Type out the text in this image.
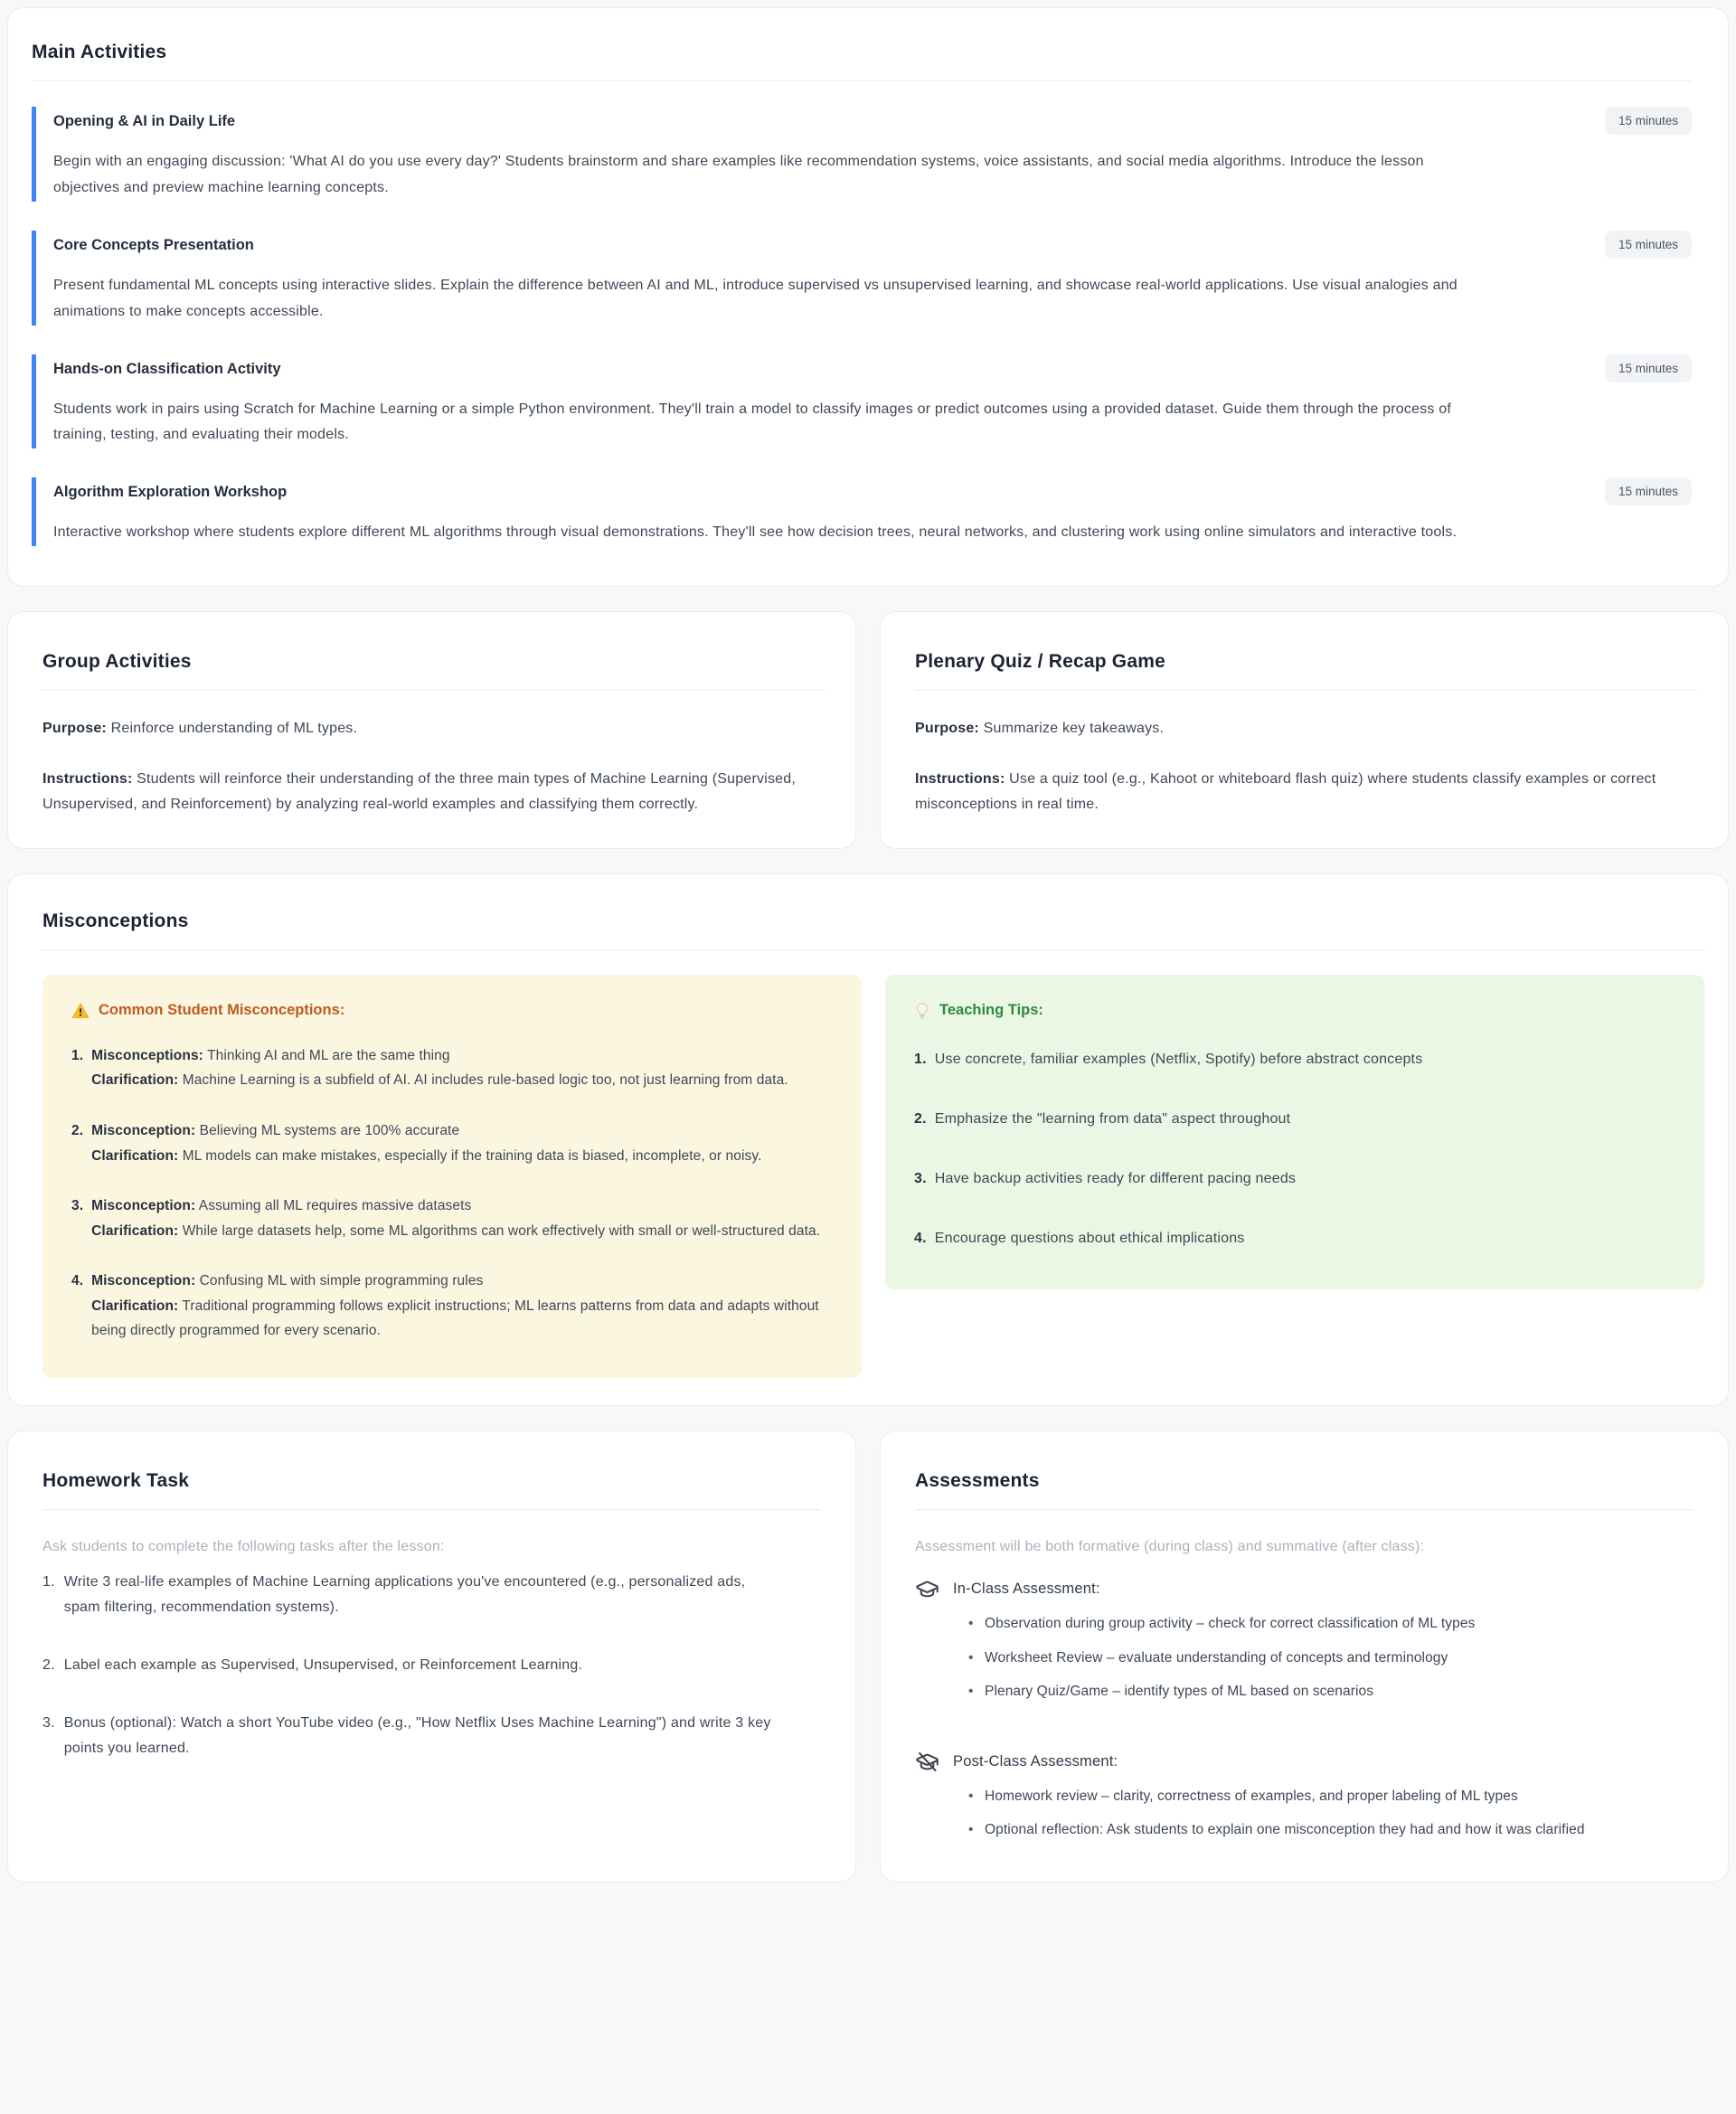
Main Activities
Opening & AI in Daily Life	15 minutes
Begin with an engaging discussion: 'What AI do you use every day?' Students brainstorm and share examples like recommendation systems, voice assistants, and social media algorithms. Introduce the lesson objectives and preview machine learning concepts.
Core Concepts Presentation	15 minutes
Present fundamental ML concepts using interactive slides. Explain the difference between AI and ML, introduce supervised vs unsupervised learning, and showcase real-world applications. Use visual analogies and animations to make concepts accessible.
Hands-on Classification Activity	15 minutes
Students work in pairs using Scratch for Machine Learning or a simple Python environment. They'll train a model to classify images or predict outcomes using a provided dataset. Guide them through the process of training, testing, and evaluating their models.
Algorithm Exploration Workshop	15 minutes
Interactive workshop where students explore different ML algorithms through visual demonstrations. They'll see how decision trees, neural networks, and clustering work using online simulators and interactive tools.
Group Activities

Purpose: Reinforce understanding of ML types.

Instructions: Students will reinforce their understanding of the three main types of Machine Learning (Supervised, Unsupervised, and Reinforcement) by analyzing real-world examples and classifying them correctly.

Plenary Quiz / Recap Game

Purpose: Summarize key takeaways.

Instructions: Use a quiz tool (e.g., Kahoot or whiteboard flash quiz) where students classify examples or correct misconceptions in real time.

Misconceptions
Common Student Misconceptions:
1. Misconceptions: Thinking AI and ML are the same thing
Clarification: Machine Learning is a subfield of AI. AI includes rule-based logic too, not just learning from data.
2. Misconception: Believing ML systems are 100% accurate
Clarification: ML models can make mistakes, especially if the training data is biased, incomplete, or noisy.
3. Misconception: Assuming all ML requires massive datasets
Clarification: While large datasets help, some ML algorithms can work effectively with small or well-structured data.
4. Misconception: Confusing ML with simple programming rules
Clarification: Traditional programming follows explicit instructions; ML learns patterns from data and adapts without being directly programmed for every scenario.
Teaching Tips:
1. Use concrete, familiar examples (Netflix, Spotify) before abstract concepts
2. Emphasize the "learning from data" aspect throughout
3. Have backup activities ready for different pacing needs
4. Encourage questions about ethical implications
Homework Task
Ask students to complete the following tasks after the lesson:
1. Write 3 real-life examples of Machine Learning applications you've encountered (e.g., personalized ads, spam filtering, recommendation systems).
2. Label each example as Supervised, Unsupervised, or Reinforcement Learning.
3. Bonus (optional): Watch a short YouTube video (e.g., "How Netflix Uses Machine Learning") and write 3 key points you learned.
Assessments
Assessment will be both formative (during class) and summative (after class):
In-Class Assessment:
• Observation during group activity – check for correct classification of ML types
• Worksheet Review – evaluate understanding of concepts and terminology
• Plenary Quiz/Game – identify types of ML based on scenarios
Post-Class Assessment:
• Homework review – clarity, correctness of examples, and proper labeling of ML types
• Optional reflection: Ask students to explain one misconception they had and how it was clarified
